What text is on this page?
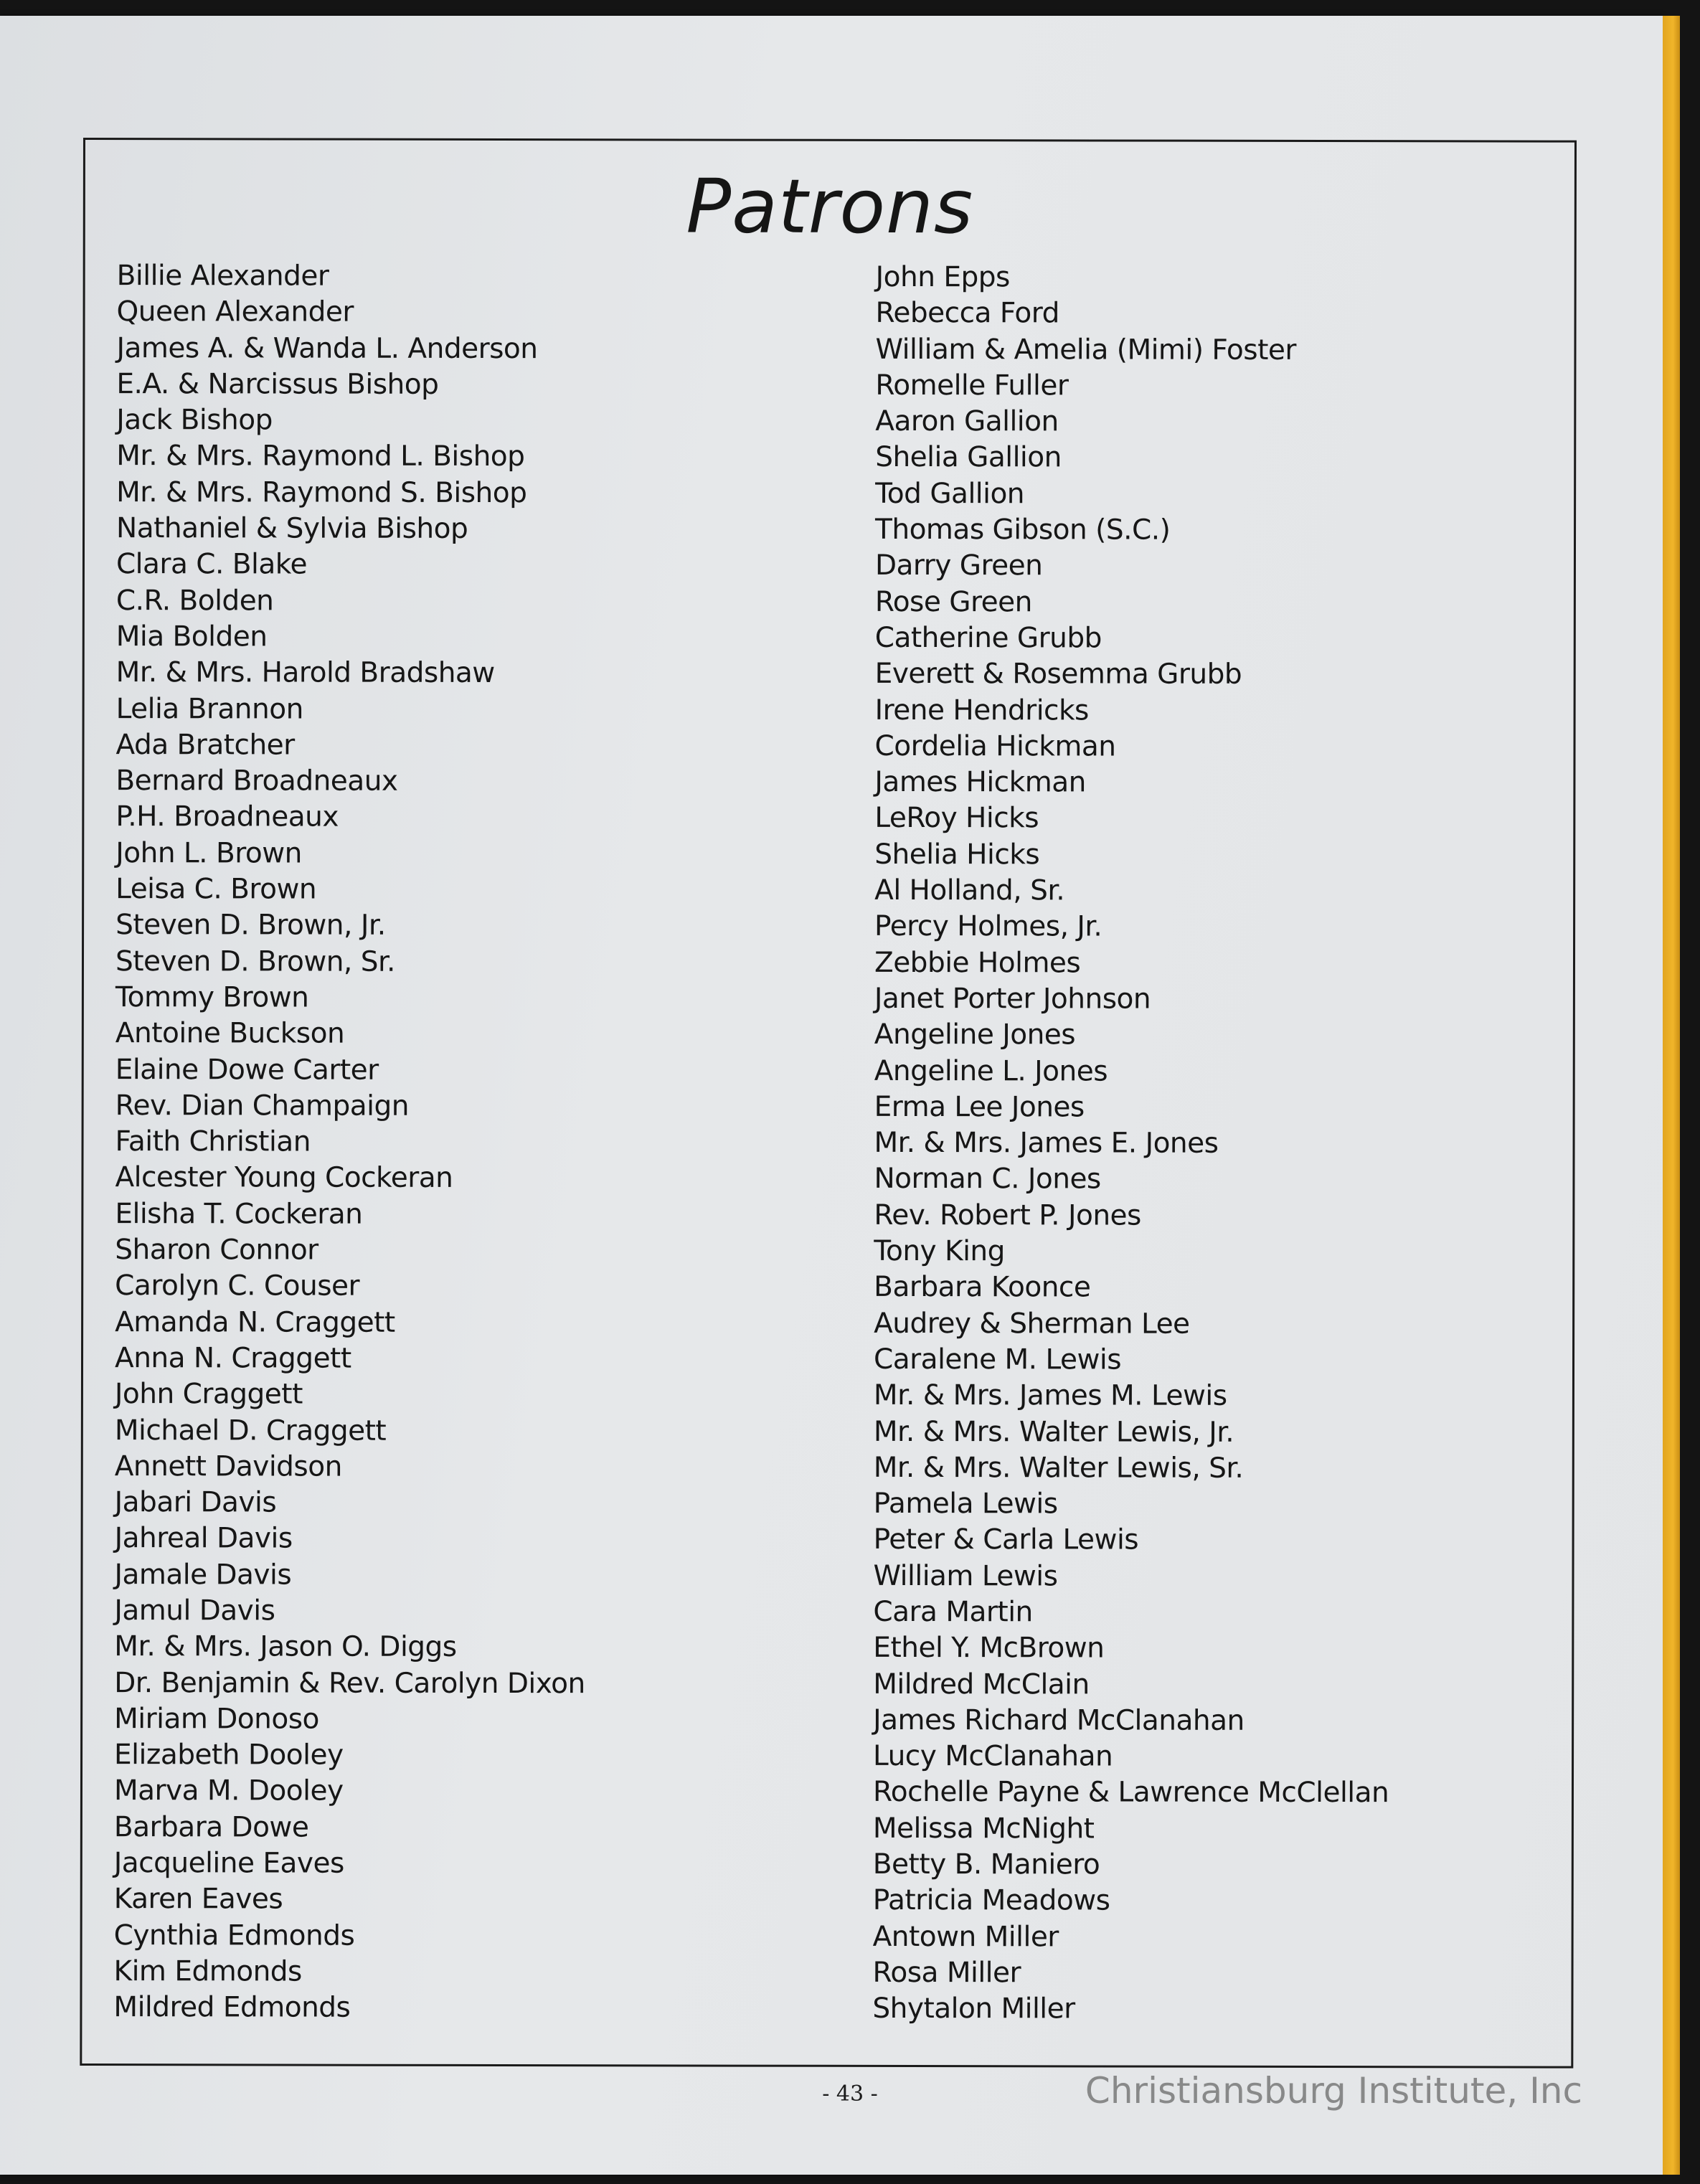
Patrons
Billie Alexander
Queen Alexander
James A. & Wanda L. Anderson
E.A. & Narcissus Bishop
Jack Bishop
Mr. & Mrs. Raymond L. Bishop
Mr. & Mrs. Raymond S. Bishop
Nathaniel & Sylvia Bishop
Clara C. Blake
C.R. Bolden
Mia Bolden
Mr. & Mrs. Harold Bradshaw
Lelia Brannon
Ada Bratcher
Bernard Broadneaux
P.H. Broadneaux
John L. Brown
Leisa C. Brown
Steven D. Brown, Jr.
Steven D. Brown, Sr.
Tommy Brown
Antoine Buckson
Elaine Dowe Carter
Rev. Dian Champaign
Faith Christian
Alcester Young Cockeran
Elisha T. Cockeran
Sharon Connor
Carolyn C. Couser
Amanda N. Craggett
Anna N. Craggett
John Craggett
Michael D. Craggett
Annett Davidson
Jabari Davis
Jahreal Davis
Jamale Davis
Jamul Davis
Mr. & Mrs. Jason O. Diggs
Dr. Benjamin & Rev. Carolyn Dixon
Miriam Donoso
Elizabeth Dooley
Marva M. Dooley
Barbara Dowe
Jacqueline Eaves
Karen Eaves
Cynthia Edmonds
Kim Edmonds
Mildred Edmonds
John Epps
Rebecca Ford
William & Amelia (Mimi) Foster
Romelle Fuller
Aaron Gallion
Shelia Gallion
Tod Gallion
Thomas Gibson (S.C.)
Darry Green
Rose Green
Catherine Grubb
Everett & Rosemma Grubb
Irene Hendricks
Cordelia Hickman
James Hickman
LeRoy Hicks
Shelia Hicks
Al Holland, Sr.
Percy Holmes, Jr.
Zebbie Holmes
Janet Porter Johnson
Angeline Jones
Angeline L. Jones
Erma Lee Jones
Mr. & Mrs. James E. Jones
Norman C. Jones
Rev. Robert P. Jones
Tony King
Barbara Koonce
Audrey & Sherman Lee
Caralene M. Lewis
Mr. & Mrs. James M. Lewis
Mr. & Mrs. Walter Lewis, Jr.
Mr. & Mrs. Walter Lewis, Sr.
Pamela Lewis
Peter & Carla Lewis
William Lewis
Cara Martin
Ethel Y. McBrown
Mildred McClain
James Richard McClanahan
Lucy McClanahan
Rochelle Payne & Lawrence McClellan
Melissa McNight
Betty B. Maniero
Patricia Meadows
Antown Miller
Rosa Miller
Shytalon Miller
- 43 -	Christiansburg Institute, Inc
